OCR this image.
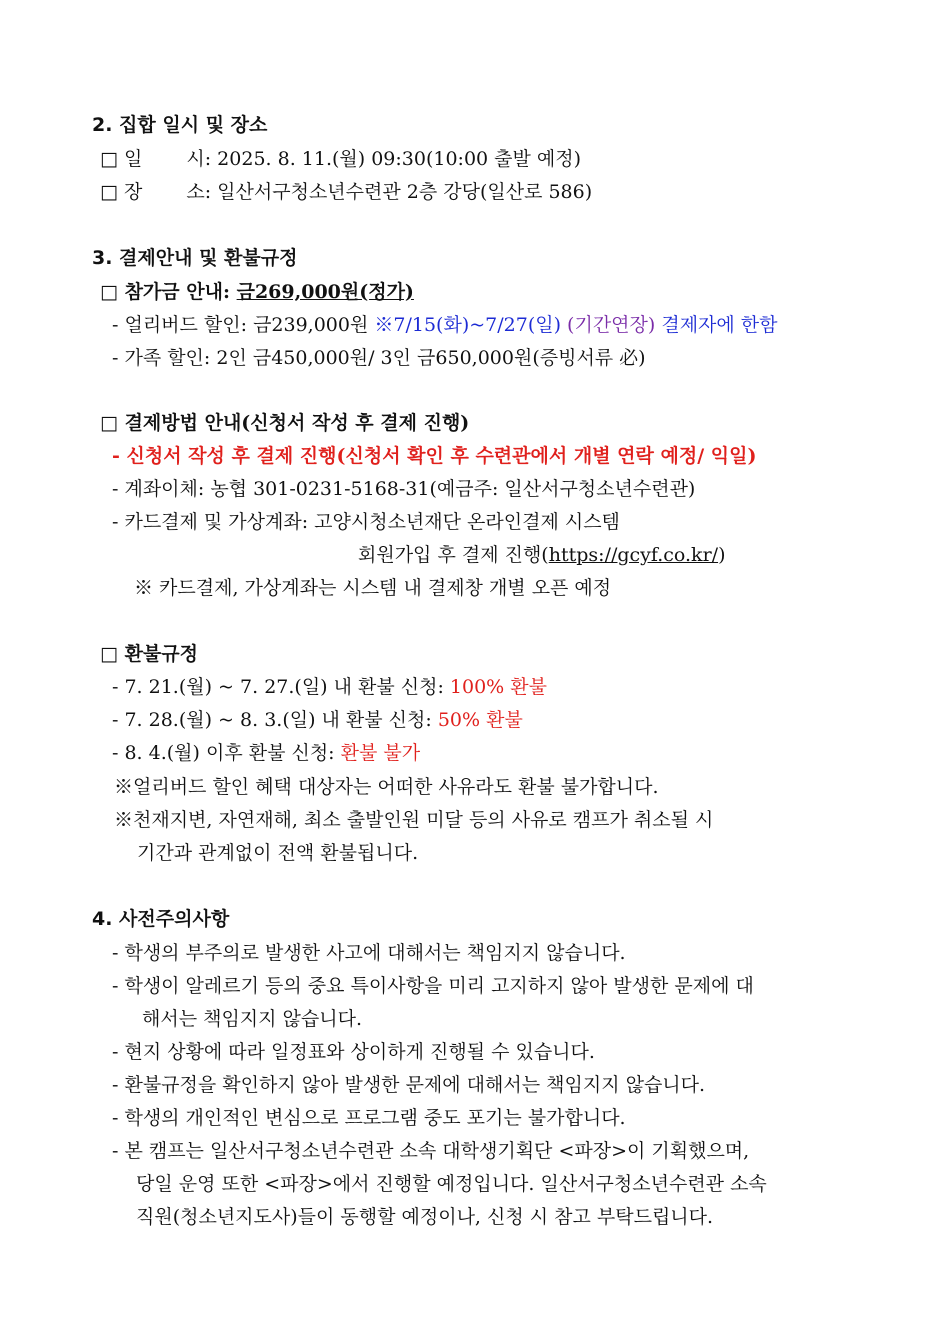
2. 집합 일시 및 장소
□ 일　 　시: 2025. 8. 11.(월) 09:30(10:00 출발 예정)
□ 장　 　소: 일산서구청소년수련관 2층 강당(일산로 586)
3. 결제안내 및 환불규정
□ 참가금 안내: 금269,000원(정가)
- 얼리버드 할인: 금239,000원 ※7/15(화)~7/27(일) (기간연장) 결제자에 한함
- 가족 할인: 2인 금450,000원/ 3인 금650,000원(증빙서류 必)
□ 결제방법 안내(신청서 작성 후 결제 진행)
- 신청서 작성 후 결제 진행(신청서 확인 후 수련관에서 개별 연락 예정/ 익일)
- 계좌이체: 농협 301-0231-5168-31(예금주: 일산서구청소년수련관)
- 카드결제 및 가상계좌: 고양시청소년재단 온라인결제 시스템
회원가입 후 결제 진행(https://gcyf.co.kr/)
※ 카드결제, 가상계좌는 시스템 내 결제창 개별 오픈 예정
□ 환불규정
- 7. 21.(월) ~ 7. 27.(일) 내 환불 신청: 100% 환불
- 7. 28.(월) ~ 8. 3.(일) 내 환불 신청: 50% 환불
- 8. 4.(월) 이후 환불 신청: 환불 불가
※얼리버드 할인 혜택 대상자는 어떠한 사유라도 환불 불가합니다.
※천재지변, 자연재해, 최소 출발인원 미달 등의 사유로 캠프가 취소될 시
기간과 관계없이 전액 환불됩니다.
4. 사전주의사항
- 학생의 부주의로 발생한 사고에 대해서는 책임지지 않습니다.
- 학생이 알레르기 등의 중요 특이사항을 미리 고지하지 않아 발생한 문제에 대
해서는 책임지지 않습니다.
- 현지 상황에 따라 일정표와 상이하게 진행될 수 있습니다.
- 환불규정을 확인하지 않아 발생한 문제에 대해서는 책임지지 않습니다.
- 학생의 개인적인 변심으로 프로그램 중도 포기는 불가합니다.
- 본 캠프는 일산서구청소년수련관 소속 대학생기획단 <파장>이 기획했으며,
당일 운영 또한 <파장>에서 진행할 예정입니다. 일산서구청소년수련관 소속
직원(청소년지도사)들이 동행할 예정이나, 신청 시 참고 부탁드립니다.
